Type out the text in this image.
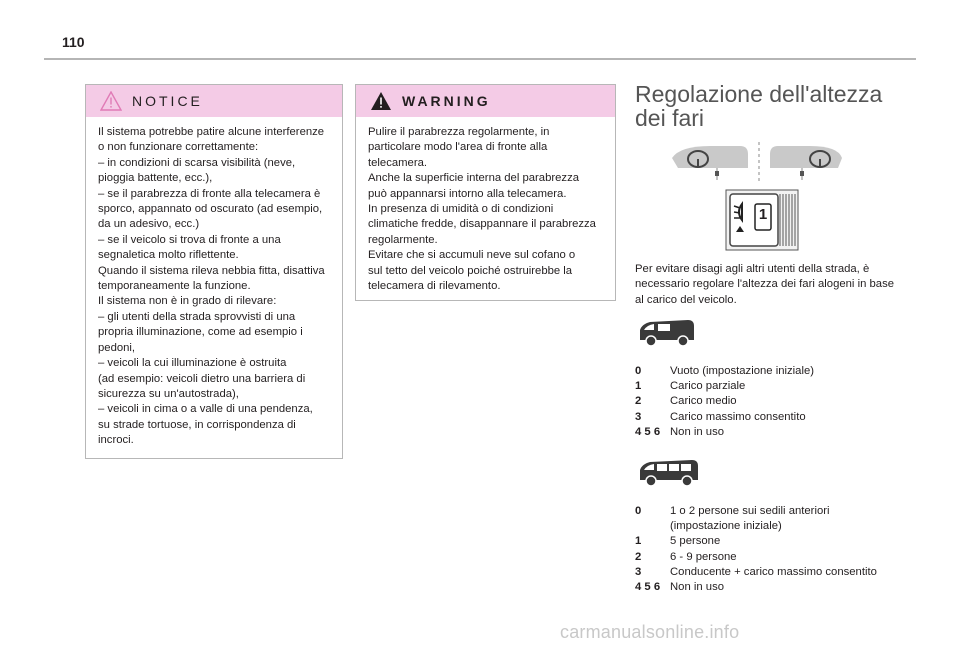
110
NOTICE

Il sistema potrebbe patire alcune interferenze
o non funzionare correttamente:
– in condizioni di scarsa visibilità (neve,
pioggia battente, ecc.),
– se il parabrezza di fronte alla telecamera è
sporco, appannato od oscurato (ad esempio,
da un adesivo, ecc.)
– se il veicolo si trova di fronte a una
segnaletica molto riflettente.
Quando il sistema rileva nebbia fitta, disattiva
temporaneamente la funzione.
Il sistema non è in grado di rilevare:
– gli utenti della strada sprovvisti di una
propria illuminazione, come ad esempio i
pedoni,
– veicoli la cui illuminazione è ostruita
(ad esempio: veicoli dietro una barriera di
sicurezza su un'autostrada),
– veicoli in cima o a valle di una pendenza,
su strade tortuose, in corrispondenza di
incroci.

WARNING

Pulire il parabrezza regolarmente, in
particolare modo l'area di fronte alla
telecamera.
Anche la superficie interna del parabrezza
può appannarsi intorno alla telecamera.
In presenza di umidità o di condizioni
climatiche fredde, disappannare il parabrezza
regolarmente.
Evitare che si accumuli neve sul cofano o
sul tetto del veicolo poiché ostruirebbe la
telecamera di rilevamento.

Regolazione dell'altezza dei fari
1
Per evitare disagi agli altri utenti della strada, è necessario regolare l'altezza dei fari alogeni in base al carico del veicolo.
0	Vuoto (impostazione iniziale)
1	Carico parziale
2	Carico medio
3	Carico massimo consentito
4 5 6 Non in uso
0	1 o 2 persone sui sedili anteriori
(impostazione iniziale)
1	5 persone
2	6 - 9 persone
3	Conducente + carico massimo consentito
4 5 6 Non in uso
carmanualsonline.info
